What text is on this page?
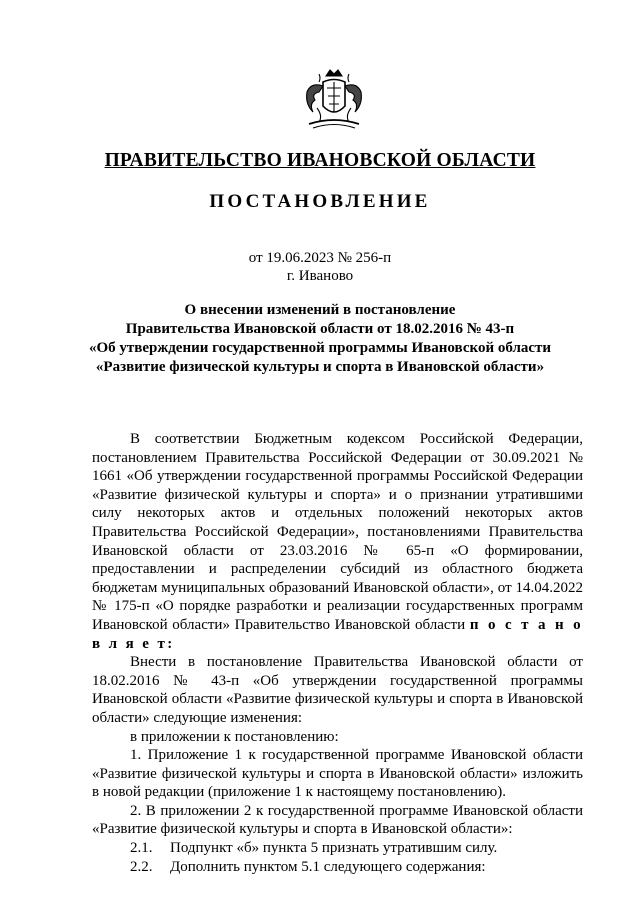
ПРАВИТЕЛЬСТВО ИВАНОВСКОЙ ОБЛАСТИ
ПОСТАНОВЛЕНИЕ
от 19.06.2023 № 256-п
г. Иваново
О внесении изменений в постановление
Правительства Ивановской области от 18.02.2016 № 43-п
«Об утверждении государственной программы Ивановской области
«Развитие физической культуры и спорта в Ивановской области»

В соответствии Бюджетным кодексом Российской Федерации, постановлением Правительства Российской Федерации от 30.09.2021 № 1661 «Об утверждении государственной программы Российской Федерации «Развитие физической культуры и спорта» и о признании утратившими силу некоторых актов и отдельных положений некоторых актов Правительства Российской Федерации», постановлениями Правительства Ивановской области от 23.03.2016 № 65-п «О формировании, предоставлении и распределении субсидий из областного бюджета бюджетам муниципальных образований Ивановской области», от 14.04.2022 № 175-п «О порядке разработки и реализации государственных программ Ивановской области» Правительство Ивановской области п о с т а н о в л я е т:

Внести в постановление Правительства Ивановской области от 18.02.2016 № 43-п «Об утверждении государственной программы Ивановской области «Развитие физической культуры и спорта в Ивановской области» следующие изменения:

в приложении к постановлению:

1. Приложение 1 к государственной программе Ивановской области «Развитие физической культуры и спорта в Ивановской области» изложить в новой редакции (приложение 1 к настоящему постановлению).

2. В приложении 2 к государственной программе Ивановской области «Развитие физической культуры и спорта в Ивановской области»:

2.1. Подпункт «б» пункта 5 признать утратившим силу.
2.2. Дополнить пунктом 5.1 следующего содержания:
